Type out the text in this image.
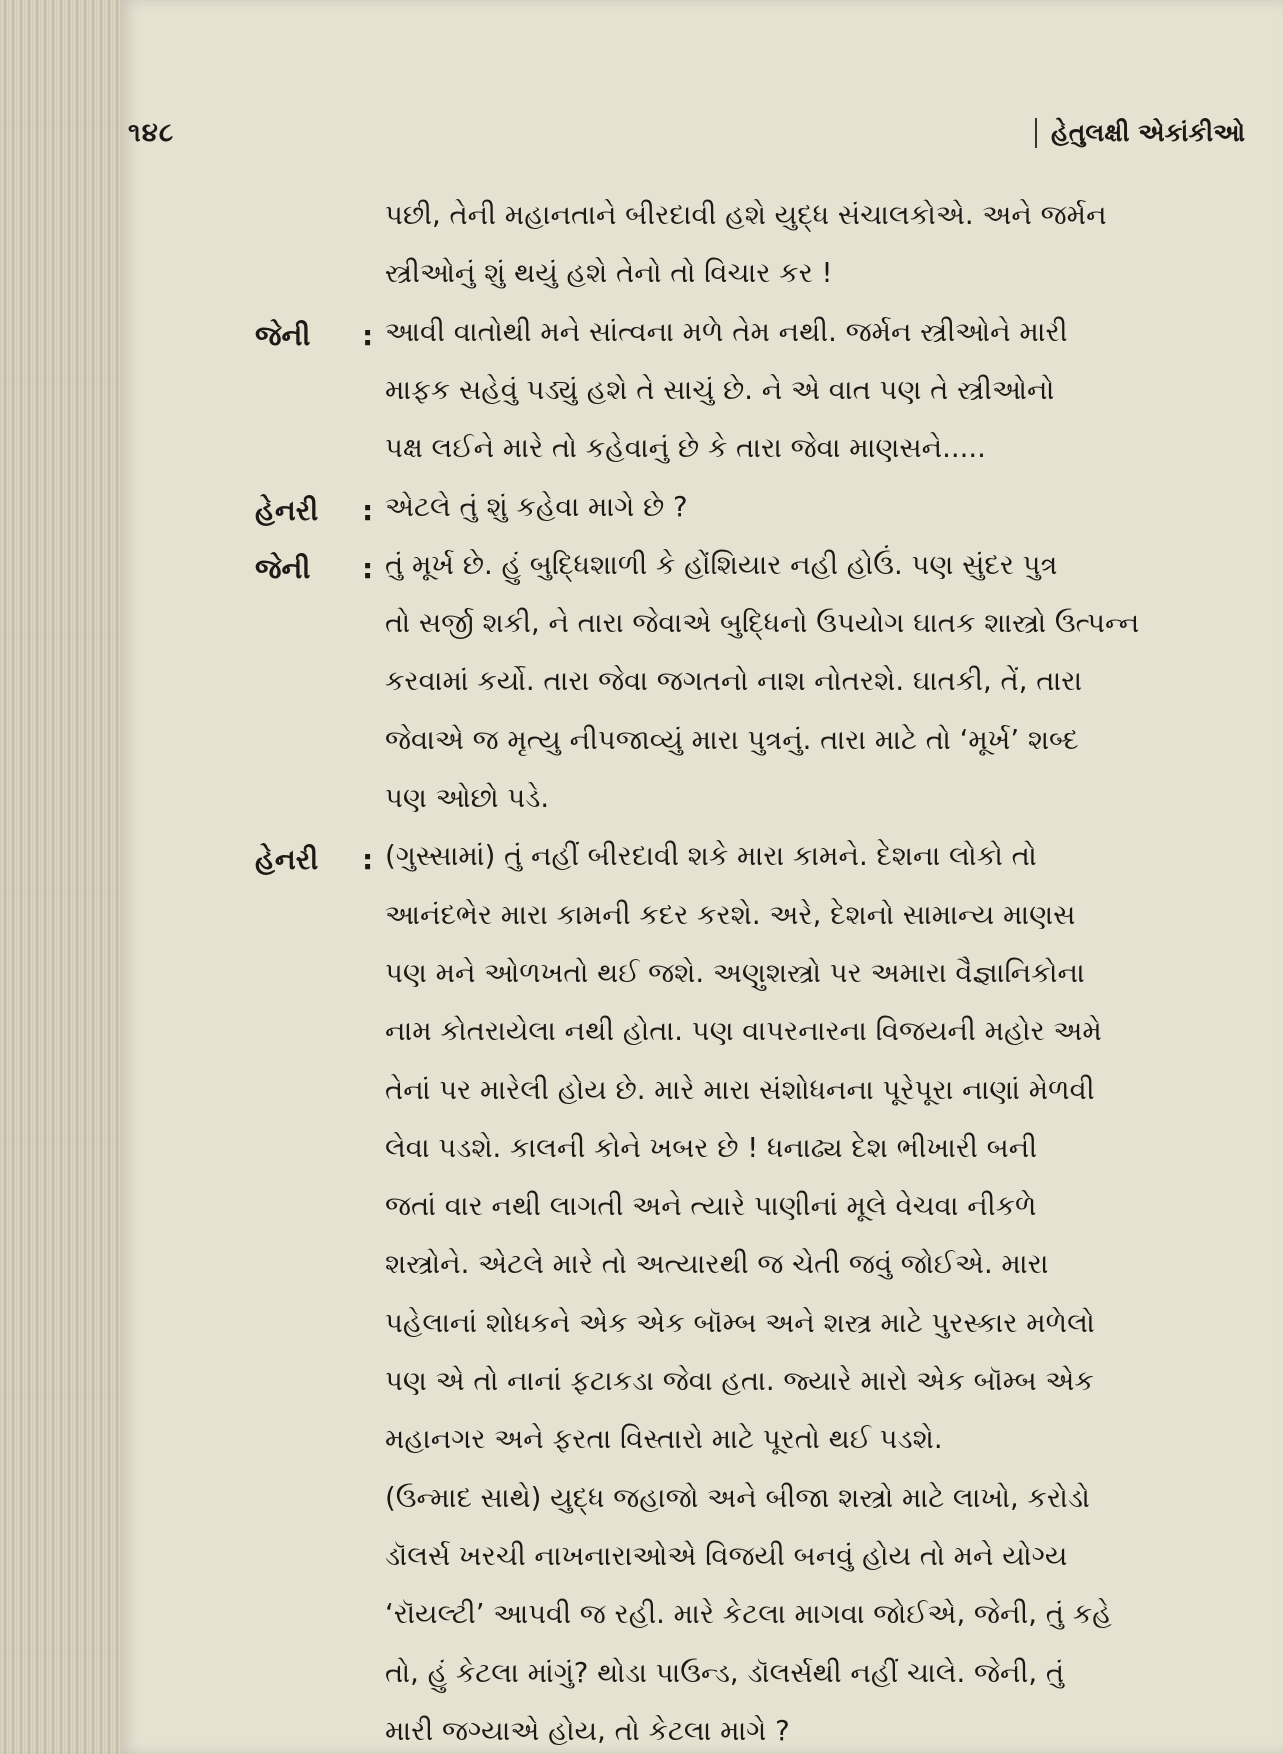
૧૪૮	હેતુલક્ષી એકાંકીઓ
પછી, તેની મહાનતાને બીરદાવી હશે યુદ્ધ સંચાલકોએ. અને જર્મન
સ્ત્રીઓનું શું થયું હશે તેનો તો વિચાર કર !
જેની : આવી વાતોથી મને સાંત્વના મળે તેમ નથી. જર્મન સ્ત્રીઓને મારી
માફક સહેવું પડ્યું હશે તે સાચું છે. ને એ વાત પણ તે સ્ત્રીઓનો
પક્ષ લઈને મારે તો કહેવાનું છે કે તારા જેવા માણસને.....
હેનરી : એટલે તું શું કહેવા માગે છે ?
જેની : તું મૂર્ખ છે. હું બુદ્ધિશાળી કે હોંશિયાર નહી હોઉં. પણ સુંદર પુત્ર
તો સર્જી શકી, ને તારા જેવાએ બુદ્ધિનો ઉપયોગ ઘાતક શાસ્ત્રો ઉત્પન્ન
કરવામાં કર્યો. તારા જેવા જગતનો નાશ નોતરશે. ઘાતકી, તેં, તારા
જેવાએ જ મૃત્યુ નીપજાવ્યું મારા પુત્રનું. તારા માટે તો ‘મૂર્ખ’ શબ્દ
પણ ઓછો પડે.
હેનરી : (ગુસ્સામાં) તું નહીં બીરદાવી શકે મારા કામને. દેશના લોકો તો
આનંદભેર મારા કામની કદર કરશે. અરે, દેશનો સામાન્ય માણસ
પણ મને ઓળખતો થઈ જશે. અણુશસ્ત્રો પર અમારા વૈજ્ઞાનિકોના
નામ કોતરાયેલા નથી હોતા. પણ વાપરનારના વિજયની મહોર અમે
તેનાં પર મારેલી હોય છે. મારે મારા સંશોધનના પૂરેપૂરા નાણાં મેળવી
લેવા પડશે. કાલની કોને ખબર છે ! ધનાઢ્ય દેશ ભીખારી બની
જતાં વાર નથી લાગતી અને ત્યારે પાણીનાં મૂલે વેચવા નીકળે
શસ્ત્રોને. એટલે મારે તો અત્યારથી જ ચેતી જવું જોઈએ. મારા
પહેલાનાં શોધકને એક એક બૉમ્બ અને શસ્ત્ર માટે પુરસ્કાર મળેલો
પણ એ તો નાનાં ફટાકડા જેવા હતા. જ્યારે મારો એક બૉમ્બ એક
મહાનગર અને ફરતા વિસ્તારો માટે પૂરતો થઈ પડશે.
(ઉન્માદ સાથે) યુદ્ધ જહાજો અને બીજા શસ્ત્રો માટે લાખો, કરોડો
ડૉલર્સ ખરચી નાખનારાઓએ વિજયી બનવું હોય તો મને યોગ્ય
‘રૉયલ્ટી’ આપવી જ રહી. મારે કેટલા માગવા જોઈએ, જેની, તું કહે
તો, હું કેટલા માંગું? થોડા પાઉન્ડ, ડૉલર્સથી નહીં ચાલે. જેની, તું
મારી જગ્યાએ હોય, તો કેટલા માગે ?
